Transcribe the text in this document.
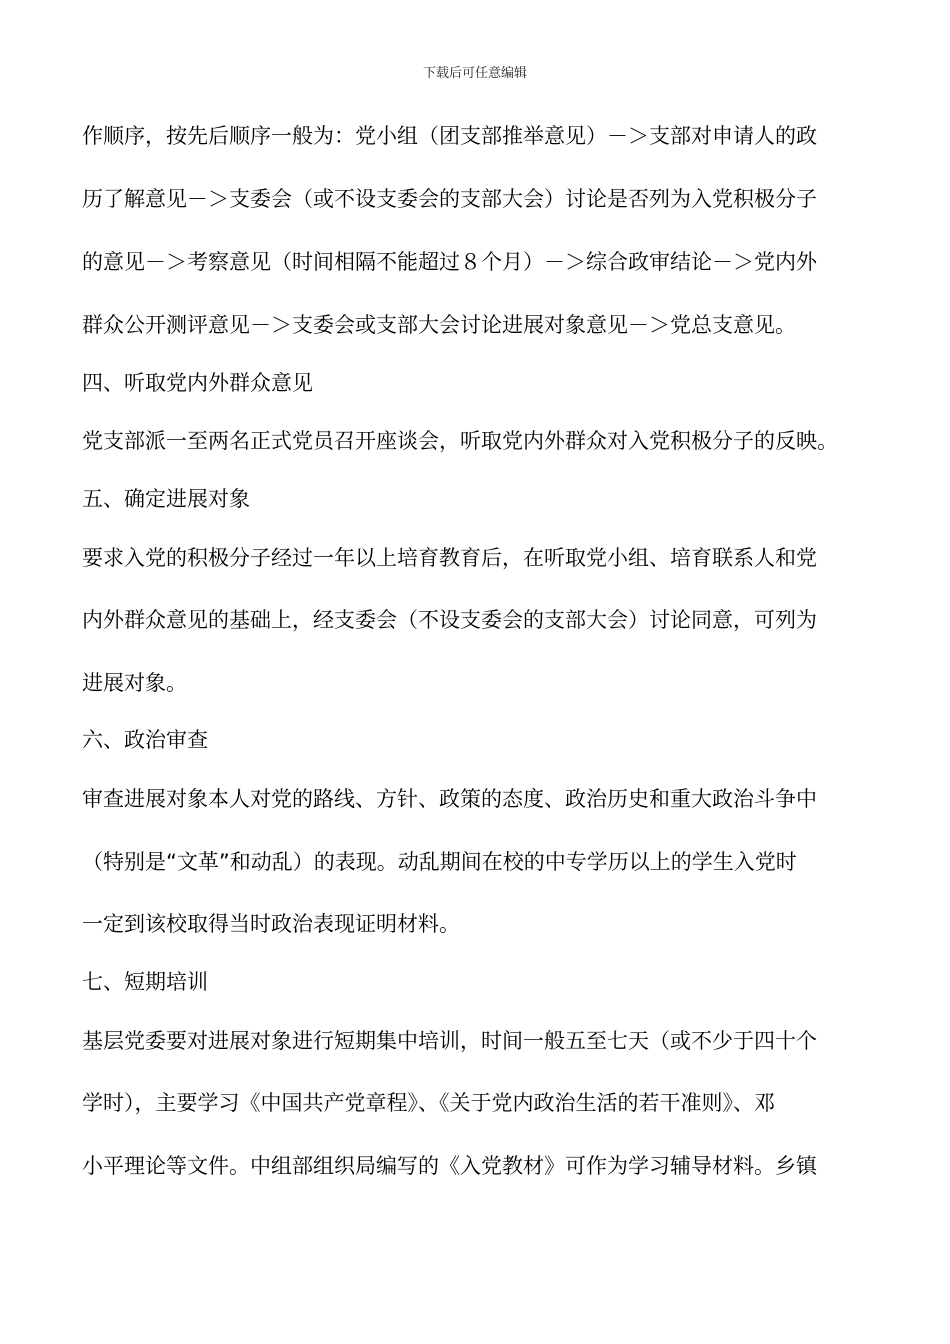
下载后可任意编辑
作顺序，按先后顺序一般为：党小组（团支部推举意见）－＞支部对申请人的政
历了解意见－＞支委会（或不设支委会的支部大会）讨论是否列为入党积极分子
的意见－＞考察意见（时间相隔不能超过８个月）－＞综合政审结论－＞党内外
群众公开测评意见－＞支委会或支部大会讨论进展对象意见－＞党总支意见。
四、听取党内外群众意见
党支部派一至两名正式党员召开座谈会，听取党内外群众对入党积极分子的反映。
五、确定进展对象
要求入党的积极分子经过一年以上培育教育后，在听取党小组、培育联系人和党
内外群众意见的基础上，经支委会（不设支委会的支部大会）讨论同意，可列为
进展对象。
六、政治审查
审查进展对象本人对党的路线、方针、政策的态度、政治历史和重大政治斗争中
（特别是“文革”和动乱）的表现。动乱期间在校的中专学历以上的学生入党时
一定到该校取得当时政治表现证明材料。
七、短期培训
基层党委要对进展对象进行短期集中培训，时间一般五至七天（或不少于四十个
学时），主要学习《中国共产党章程》、《关于党内政治生活的若干准则》、邓
小平理论等文件。中组部组织局编写的《入党教材》可作为学习辅导材料。乡镇
